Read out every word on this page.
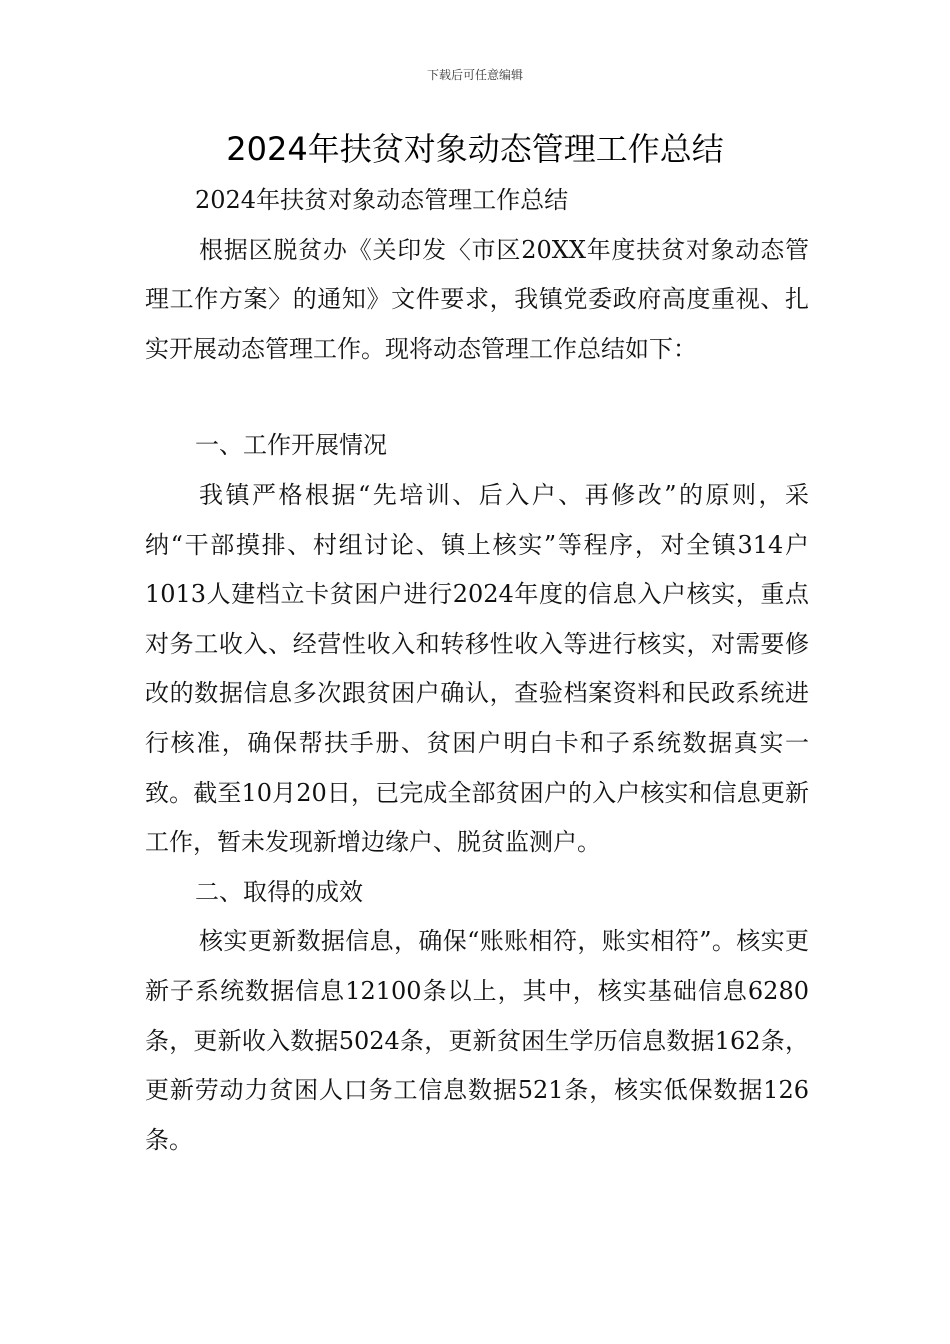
下载后可任意编辑
2024年扶贫对象动态管理工作总结

2024年扶贫对象动态管理工作总结

根据区脱贫办《关印发〈市区20XX年度扶贫对象动态管理工作方案〉的通知》文件要求，我镇党委政府高度重视、扎实开展动态管理工作。现将动态管理工作总结如下：

一、工作开展情况

我镇严格根据“先培训、后入户、再修改”的原则，采纳“干部摸排、村组讨论、镇上核实”等程序，对全镇314户1013人建档立卡贫困户进行2024年度的信息入户核实，重点对务工收入、经营性收入和转移性收入等进行核实，对需要修改的数据信息多次跟贫困户确认，查验档案资料和民政系统进行核准，确保帮扶手册、贫困户明白卡和子系统数据真实一致。截至10月20日，已完成全部贫困户的入户核实和信息更新工作，暂未发现新增边缘户、脱贫监测户。

二、取得的成效

核实更新数据信息，确保“账账相符，账实相符”。核实更新子系统数据信息12100条以上，其中，核实基础信息6280条，更新收入数据5024条，更新贫困生学历信息数据162条，更新劳动力贫困人口务工信息数据521条，核实低保数据126条。
